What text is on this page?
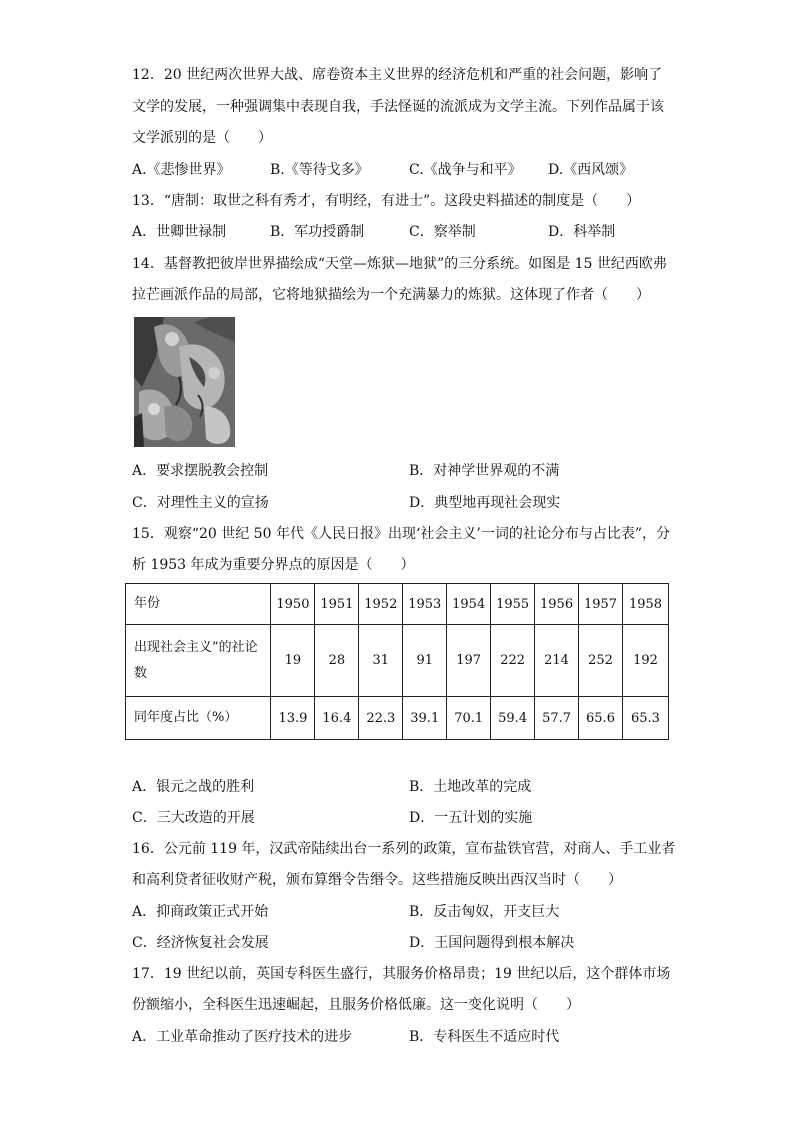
12．20 世纪两次世界大战、席卷资本主义世界的经济危机和严重的社会问题，影响了
文学的发展，一种强调集中表现自我，手法怪诞的流派成为文学主流。下列作品属于该
文学派别的是（　　）
A.《悲惨世界》	B.《等待戈多》	C.《战争与和平》 D.《西风颂》
13．“唐制：取世之科有秀才，有明经，有进士”。这段史料描述的制度是（　　）
A．世卿世禄制	B．军功授爵制	C．察举制	D．科举制
14．基督教把彼岸世界描绘成“天堂—炼狱—地狱”的三分系统。如图是 15 世纪西欧弗
拉芒画派作品的局部，它将地狱描绘为一个充满暴力的炼狱。这体现了作者（　　）
A．要求摆脱教会控制	B．对神学世界观的不满
C．对理性主义的宣扬	D．典型地再现社会现实
15．观察“20 世纪 50 年代《人民日报》出现‘社会主义’一词的社论分布与占比表”，分
析 1953 年成为重要分界点的原因是（　　）
年份	1950	1951	1952	1953	1954	1955	1956	1957	1958

出现社会主义”的社论
数	19	28	31	91	197	222	214	252	192
同年度占比（%）	13.9	16.4	22.3	39.1	70.1	59.4	57.7	65.6	65.3
A．银元之战的胜利	B．土地改革的完成
C．三大改造的开展	D．一五计划的实施
16．公元前 119 年，汉武帝陆续出台一系列的政策，宣布盐铁官营，对商人、手工业者
和高利贷者征收财产税，颁布算缗令告缗令。这些措施反映出西汉当时（　　）
A．抑商政策正式开始	B．反击匈奴，开支巨大
C．经济恢复社会发展	D．王国问题得到根本解决
17．19 世纪以前，英国专科医生盛行，其服务价格昂贵；19 世纪以后，这个群体市场
份额缩小，全科医生迅速崛起，且服务价格低廉。这一变化说明（　　）
A．工业革命推动了医疗技术的进步	B．专科医生不适应时代
